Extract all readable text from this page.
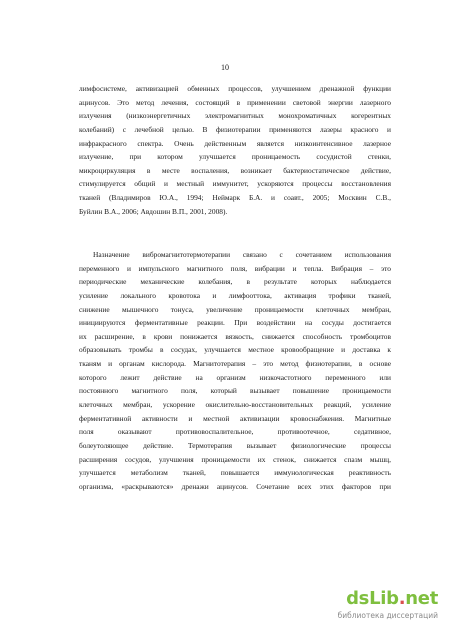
10
лимфосистеме, активизацией обменных процессов, улучшением дренажной функции
ацинусов. Это метод лечения, состоящий в применении световой энергии лазерного
излучения (низкоэнергетичных электромагнитных монохроматичных когерентных
колебаний) с лечебной целью. В физиотерапии применяются лазеры красного и
инфракрасного спектра. Очень действенным является низкоинтенсивное лазерное
излучение, при котором улучшается проницаемость сосудистой стенки,
микроциркуляция в месте воспаления, возникает бактериостатическое действие,
стимулируется общий и местный иммунитет, ускоряются процессы восстановления
тканей (Владимиров Ю.А., 1994; Неймарк Б.А. и соавт., 2005; Москвин С.В.,
Буйлин В.А., 2006; Авдошин В.П., 2001, 2008).
Назначение вибромагнитотермотерапии связано с сочетанием использования
переменного и импульсного магнитного поля, вибрации и тепла. Вибрация – это
периодические механические колебания, в результате которых наблюдается
усиление локального кровотока и лимфооттока, активация трофики тканей,
снижение мышечного тонуса, увеличение проницаемости клеточных мембран,
инициируются ферментативные реакции. При воздействии на сосуды достигается
их расширение, в крови понижается вязкость, снижается способность тромбоцитов
образовывать тромбы в сосудах, улучшается местное кровообращение и доставка к
тканям и органам кислорода. Магнитотерапия – это метод физиотерапии, в основе
которого лежит действие на организм низкочастотного переменного или
постоянного магнитного поля, который вызывает повышение проницаемости
клеточных мембран, ускорение окислительно-восстановительных реакций, усиление
ферментативной активности и местной активизации кровоснабжения. Магнитные
поля оказывают противовоспалительное, противоотечное, седативное,
болеутоляющее действие. Термотерапия вызывает физиологические процессы
расширения сосудов, улучшения проницаемости их стенок, снижается спазм мышц,
улучшается метаболизм тканей, повышается иммунологическая реактивность
организма, «раскрываются» дренажи ацинусов. Сочетание всех этих факторов при
dsLib.net
библиотека диссертаций
